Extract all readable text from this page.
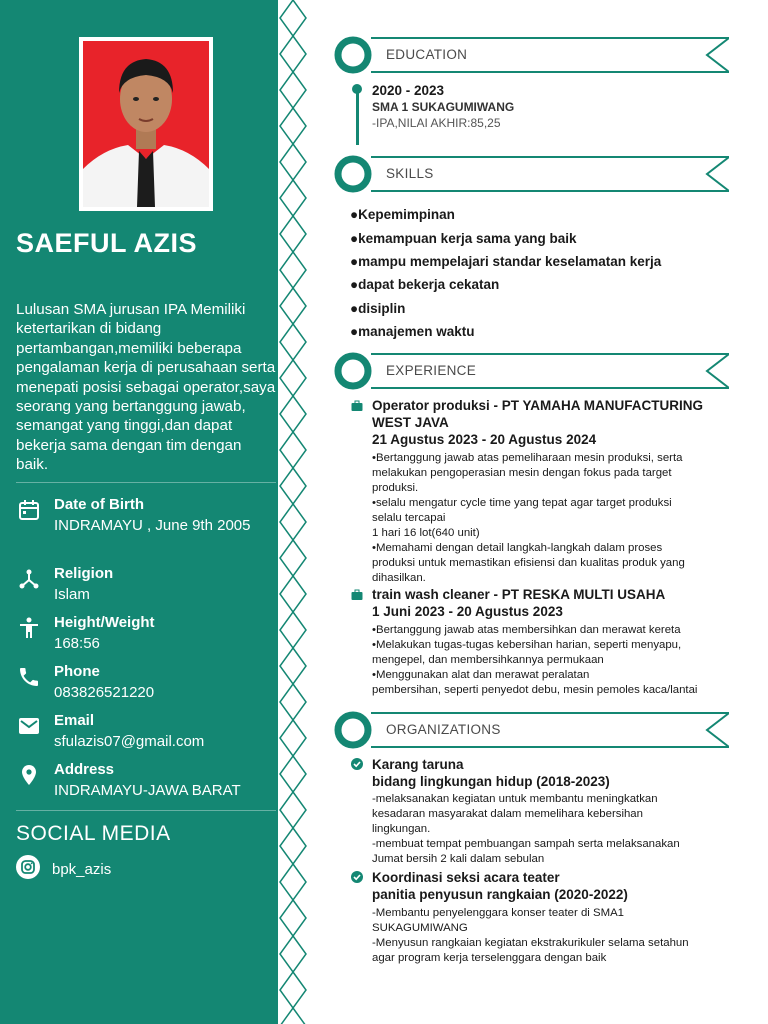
SAEFUL AZIS
Lulusan SMA jurusan IPA Memiliki ketertarikan di bidang pertambangan,memiliki beberapa pengalaman kerja di perusahaan serta menepati posisi sebagai operator,saya seorang yang bertanggung jawab, semangat yang tinggi,dan dapat bekerja sama dengan tim dengan baik.
Date of Birth
INDRAMAYU , June 9th 2005
Religion
Islam
Height/Weight
168:56
Phone
083826521220
Email
sfulazis07@gmail.com
Address
INDRAMAYU-JAWA BARAT
SOCIAL MEDIA
bpk_azis
EDUCATION
2020 - 2023
SMA 1 SUKAGUMIWANG
-IPA,NILAI AKHIR:85,25
SKILLS
●Kepemimpinan
●kemampuan kerja sama yang baik
●mampu mempelajari standar keselamatan kerja
●dapat bekerja cekatan
●disiplin
●manajemen waktu
EXPERIENCE
Operator produksi - PT YAMAHA MANUFACTURING
WEST JAVA
21 Agustus 2023 - 20 Agustus 2024
•Bertanggung jawab atas pemeliharaan mesin produksi, serta
melakukan pengoperasian mesin dengan fokus pada target
produksi.
•selalu mengatur cycle time yang tepat agar target produksi
selalu tercapai
1 hari 16 lot(640 unit)
•Memahami dengan detail langkah-langkah dalam proses
produksi untuk memastikan efisiensi dan kualitas produk yang
dihasilkan.
train wash cleaner - PT RESKA MULTI USAHA
1 Juni 2023 - 20 Agustus 2023
•Bertanggung jawab atas membersihkan dan merawat kereta
•Melakukan tugas-tugas kebersihan harian, seperti menyapu,
mengepel, dan membersihkannya permukaan
•Menggunakan alat dan merawat peralatan
pembersihan, seperti penyedot debu, mesin pemoles kaca/lantai
ORGANIZATIONS
Karang taruna
bidang lingkungan hidup (2018-2023)
-melaksanakan kegiatan untuk membantu meningkatkan
kesadaran masyarakat dalam memelihara kebersihan
lingkungan.
-membuat tempat pembuangan sampah serta melaksanakan
Jumat bersih 2 kali dalam sebulan
Koordinasi seksi acara teater
panitia penyusun rangkaian (2020-2022)
-Membantu penyelenggara konser teater di SMA1
SUKAGUMIWANG
-Menyusun rangkaian kegiatan ekstrakurikuler selama setahun
agar program kerja terselenggara dengan baik
